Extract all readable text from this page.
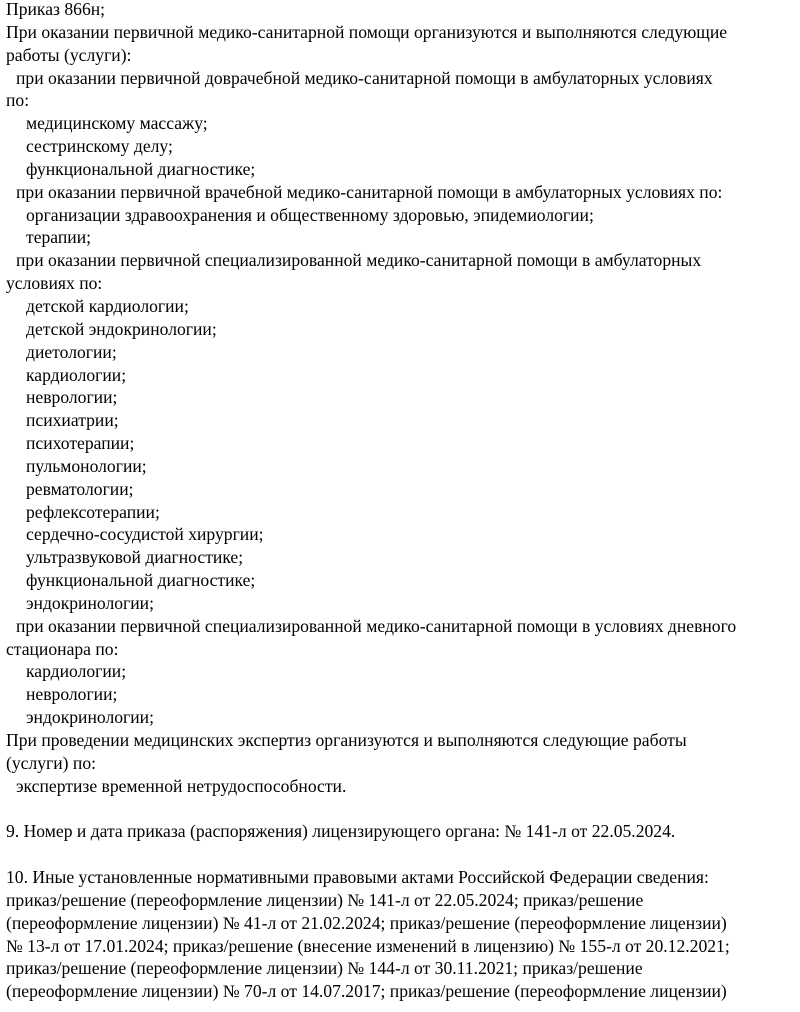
Приказ 866н;
При оказании первичной медико-санитарной помощи организуются и выполняются следующие
работы (услуги):
при оказании первичной доврачебной медико-санитарной помощи в амбулаторных условиях
по:
медицинскому массажу;
сестринскому делу;
функциональной диагностике;
при оказании первичной врачебной медико-санитарной помощи в амбулаторных условиях по:
организации здравоохранения и общественному здоровью, эпидемиологии;
терапии;
при оказании первичной специализированной медико-санитарной помощи в амбулаторных
условиях по:
детской кардиологии;
детской эндокринологии;
диетологии;
кардиологии;
неврологии;
психиатрии;
психотерапии;
пульмонологии;
ревматологии;
рефлексотерапии;
сердечно-сосудистой хирургии;
ультразвуковой диагностике;
функциональной диагностике;
эндокринологии;
при оказании первичной специализированной медико-санитарной помощи в условиях дневного
стационара по:
кардиологии;
неврологии;
эндокринологии;
При проведении медицинских экспертиз организуются и выполняются следующие работы
(услуги) по:
экспертизе временной нетрудоспособности.
9. Номер и дата приказа (распоряжения) лицензирующего органа: № 141-л от 22.05.2024.
10. Иные установленные нормативными правовыми актами Российской Федерации сведения:
приказ/решение (переоформление лицензии) № 141-л от 22.05.2024; приказ/решение
(переоформление лицензии) № 41-л от 21.02.2024; приказ/решение (переоформление лицензии)
№ 13-л от 17.01.2024; приказ/решение (внесение изменений в лицензию) № 155-л от 20.12.2021;
приказ/решение (переоформление лицензии) № 144-л от 30.11.2021; приказ/решение
(переоформление лицензии) № 70-л от 14.07.2017; приказ/решение (переоформление лицензии)
